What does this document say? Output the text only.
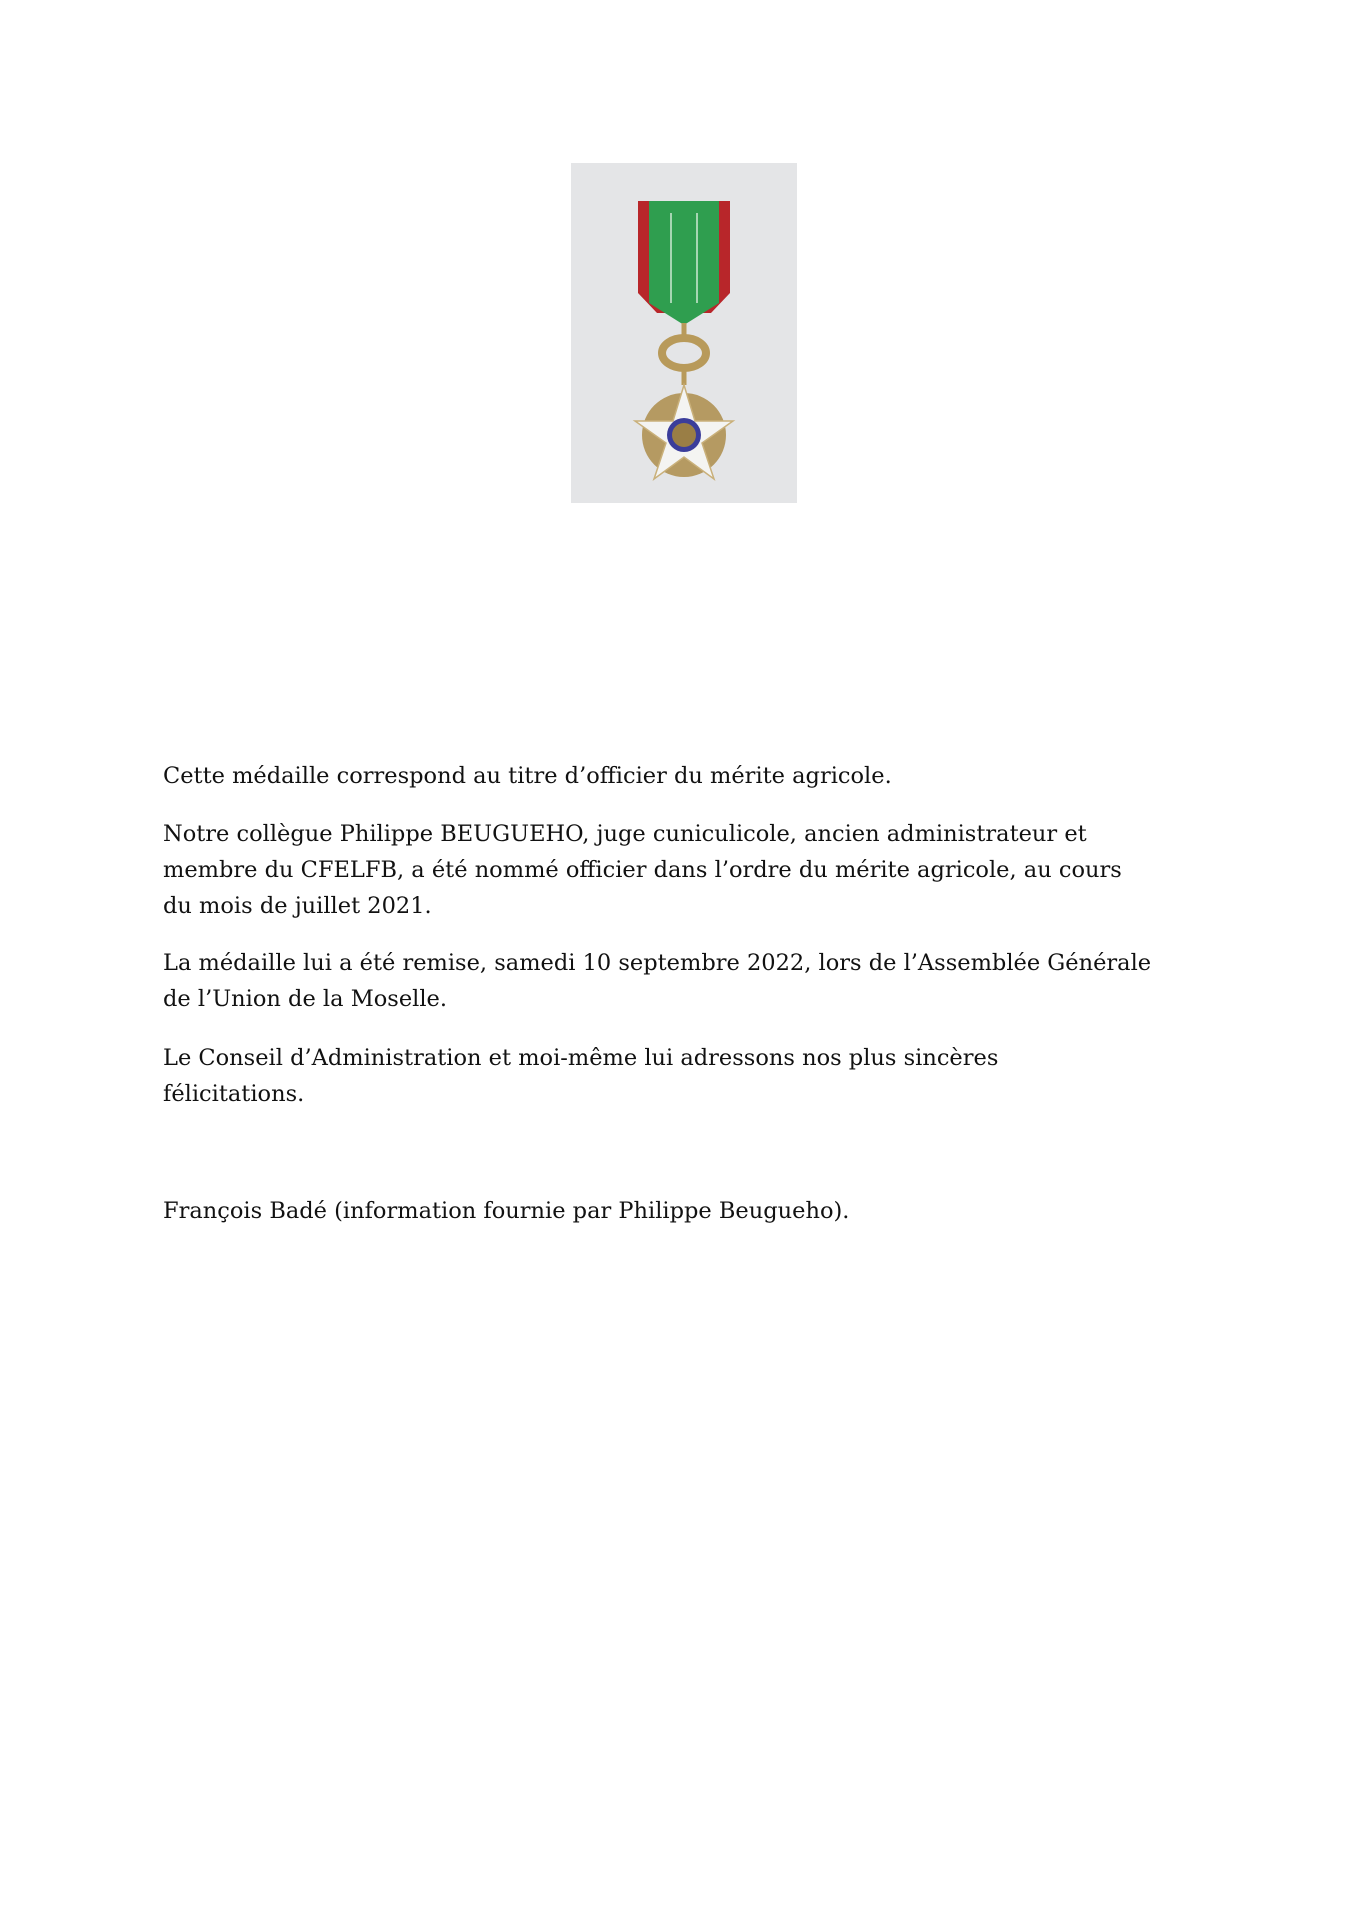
Cette médaille correspond au titre d’officier du mérite agricole.
Notre collègue Philippe BEUGUEHO, juge cuniculicole, ancien administrateur et
membre du CFELFB, a été nommé officier dans l’ordre du mérite agricole, au cours
du mois de juillet 2021.
La médaille lui a été remise, samedi 10 septembre 2022, lors de l’Assemblée Générale
de l’Union de la Moselle.
Le Conseil d’Administration et moi-même lui adressons nos plus sincères
félicitations.
François Badé (information fournie par Philippe Beugueho).
